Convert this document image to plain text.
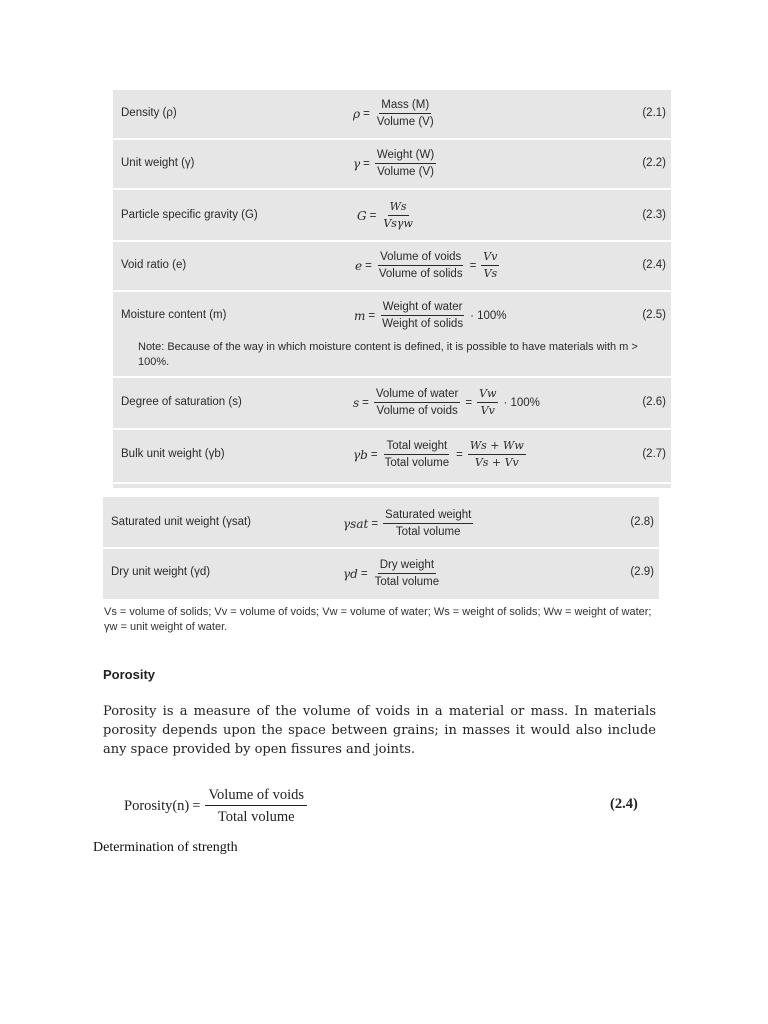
Density (ρ)	$\rho = \frac{\text{Mass (M)}}{\text{Volume (V)}}$	(2.1)
Unit weight (γ)	$\gamma = \frac{\text{Weight (W)}}{\text{Volume (V)}}$	(2.2)
Particle specific gravity (G)	$G = \frac{Ws}{\text{Vsγw}}$	(2.3)
Void ratio (e)	$e = \frac{\text{Volume of voids}}{\text{Volume of solids}} = \frac{Vv}{Vs}$	(2.4)
Moisture content (m)	$m = \frac{\text{Weight of water}}{\text{Weight of solids}} \cdot 100\%$	(2.5)
Note: Because of the way in which moisture content is defined, it is possible to have materials with m > 100%.
Degree of saturation (s)	$s = \frac{\text{Volume of water}}{\text{Volume of voids}} = \frac{Vw}{Vv} \cdot 100\%$	(2.6)
Bulk unit weight (γb)	$\gamma b = \frac{\text{Total weight}}{\text{Total volume}} = \frac{Ws + Ww}{Vs + Vv}$	(2.7)
Saturated unit weight (γsat)	$\gamma sat = \frac{\text{Saturated weight}}{\text{Total volume}}$	(2.8)
Dry unit weight (γd)	$\gamma d = \frac{\text{Dry weight}}{\text{Total volume}}$	(2.9)
Vs = volume of solids; Vv = volume of voids; Vw = volume of water; Ws = weight of solids; Ww = weight of water; γw = unit weight of water.
Porosity
Porosity is a measure of the volume of voids in a material or mass. In materials porosity depends upon the space between grains; in masses it would also include any space provided by open fissures and joints.
Porosity(n) = $\frac{\text{Volume of voids}}{\text{Total volume}}$	(2.4)
Determination of strength
